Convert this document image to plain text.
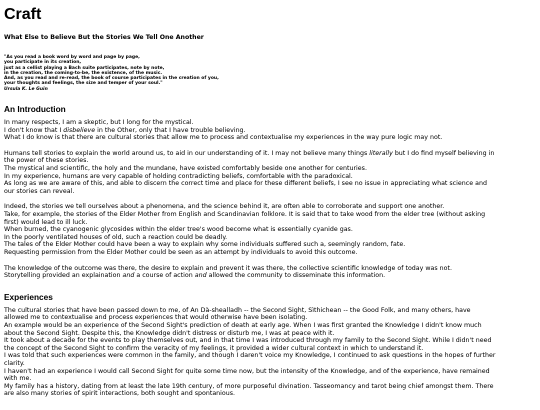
Craft
What Else to Believe But the Stories We Tell One Another
"As you read a book word by word and page by page,
you participate in its creation,
just as a cellist playing a Bach suite participates, note by note,
in the creation, the coming-to-be, the existence, of the music.
And, as you read and re-read, the book of course participates in the creation of you,
your thoughts and feelings, the size and temper of your soul."
Ursula K. Le Guin
An Introduction
In many respects, I am a skeptic, but I long for the mystical.
I don't know that I disbelieve in the Other, only that I have trouble believing.
What I do know is that there are cultural stories that allow me to process and contextualise my experiences in the way pure logic may not.
Humans tell stories to explain the world around us, to aid in our understanding of it. I may not believe many things literally but I do find myself believing in
the power of these stories.
The mystical and scientific, the holy and the mundane, have existed comfortably beside one another for centuries.
In my experience, humans are very capable of holding contradicting beliefs, comfortable with the paradoxical.
As long as we are aware of this, and able to discern the correct time and place for these different beliefs, I see no issue in appreciating what science and
our stories can reveal.
Indeed, the stories we tell ourselves about a phenomena, and the science behind it, are often able to corroborate and support one another.
Take, for example, the stories of the Elder Mother from English and Scandinavian folklore. It is said that to take wood from the elder tree (without asking
first) would lead to ill luck.
When burned, the cyanogenic glycosides within the elder tree's wood become what is essentially cyanide gas.
In the poorly ventilated houses of old, such a reaction could be deadly.
The tales of the Elder Mother could have been a way to explain why some individuals suffered such a, seemingly random, fate.
Requesting permission from the Elder Mother could be seen as an attempt by individuals to avoid this outcome.
The knowledge of the outcome was there, the desire to explain and prevent it was there, the collective scientific knowledge of today was not.
Storytelling provided an explaination and a course of action and allowed the community to disseminate this information.
Experiences
The cultural stories that have been passed down to me, of An Dà-shealladh -- the Second Sight, Sìthichean -- the Good Folk, and many others, have
allowed me to contextualise and process experiences that would otherwise have been isolating.
An example would be an experience of the Second Sight's prediction of death at early age. When I was first granted the Knowledge I didn't know much
about the Second Sight. Despite this, the Knowledge didn't distress or disturb me, I was at peace with it.
It took about a decade for the events to play themselves out, and in that time I was introduced through my family to the Second Sight. While I didn't need
the concept of the Second Sight to confirm the veracity of my feelings, it provided a wider cultural context in which to understand it.
I was told that such experiences were common in the family, and though I daren't voice my Knowledge, I continued to ask questions in the hopes of further
clarity.
I haven't had an experience I would call Second Sight for quite some time now, but the intensity of the Knowledge, and of the experience, have remained
with me.
My family has a history, dating from at least the late 19th century, of more purposeful divination. Tasseomancy and tarot being chief amongst them. There
are also many stories of spirit interactions, both sought and spontanious.
